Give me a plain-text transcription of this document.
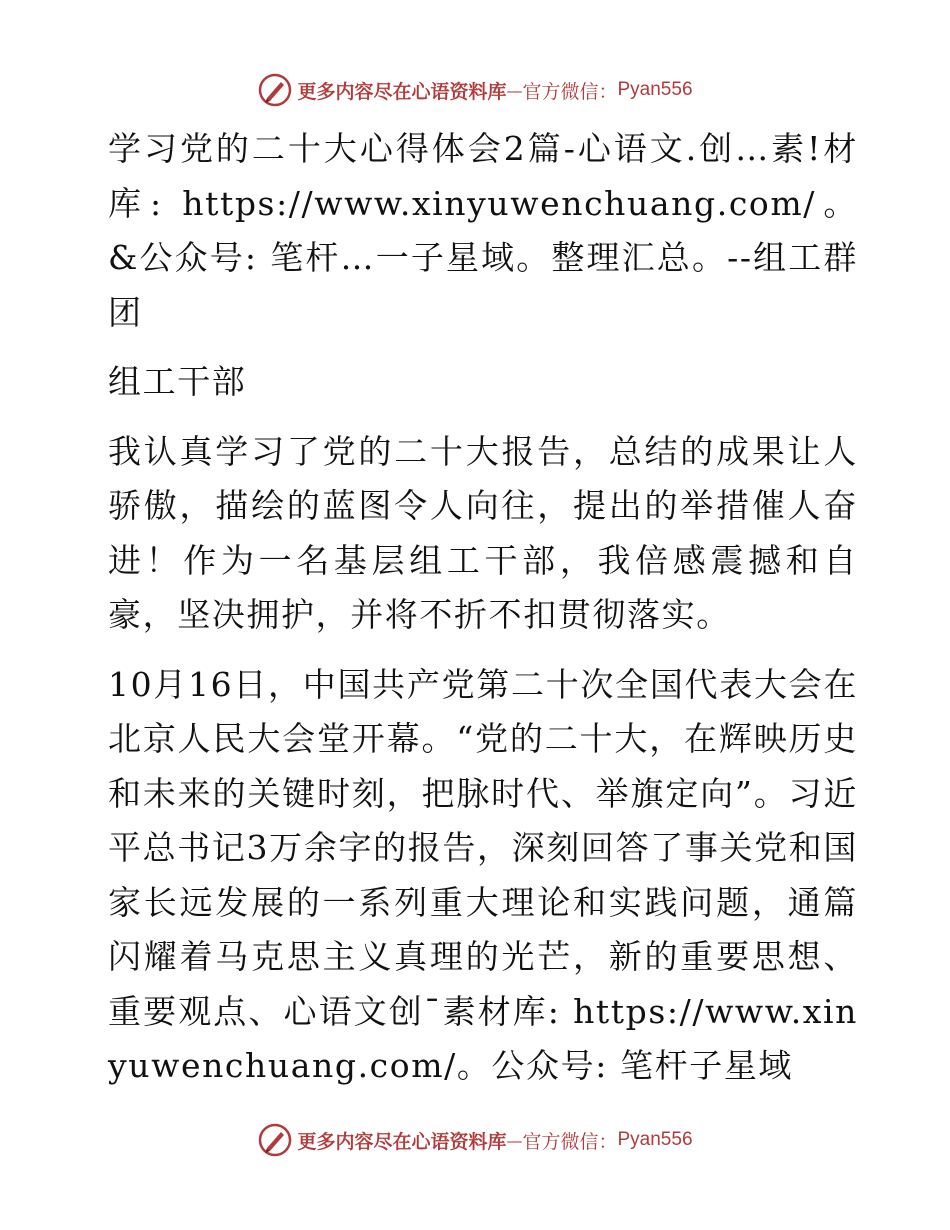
更多内容尽在心语资料库 — 官方微信： Pyan556

学习党的二十大心得体会2篇-心语文.创…素!材库: https://www.xinyuwenchuang.com/。&公众号: 笔杆…一子星域。整理汇总。--组工群团

组工干部

我认真学习了党的二十大报告，总结的成果让人骄傲，描绘的蓝图令人向往，提出的举措催人奋进！作为一名基层组工干部，我倍感震撼和自豪，坚决拥护，并将不折不扣贯彻落实。

10月16日，中国共产党第二十次全国代表大会在北京人民大会堂开幕。“党的二十大，在辉映历史和未来的关键时刻，把脉时代、举旗定向”。习近平总书记3万余字的报告，深刻回答了事关党和国家长远发展的一系列重大理论和实践问题，通篇闪耀着马克思主义真理的光芒，新的重要思想、重要观点、心语文创¯素材库: https://www.xinyuwenchuang.com/。公众号: 笔杆子星域

更多内容尽在心语资料库 — 官方微信： Pyan556
